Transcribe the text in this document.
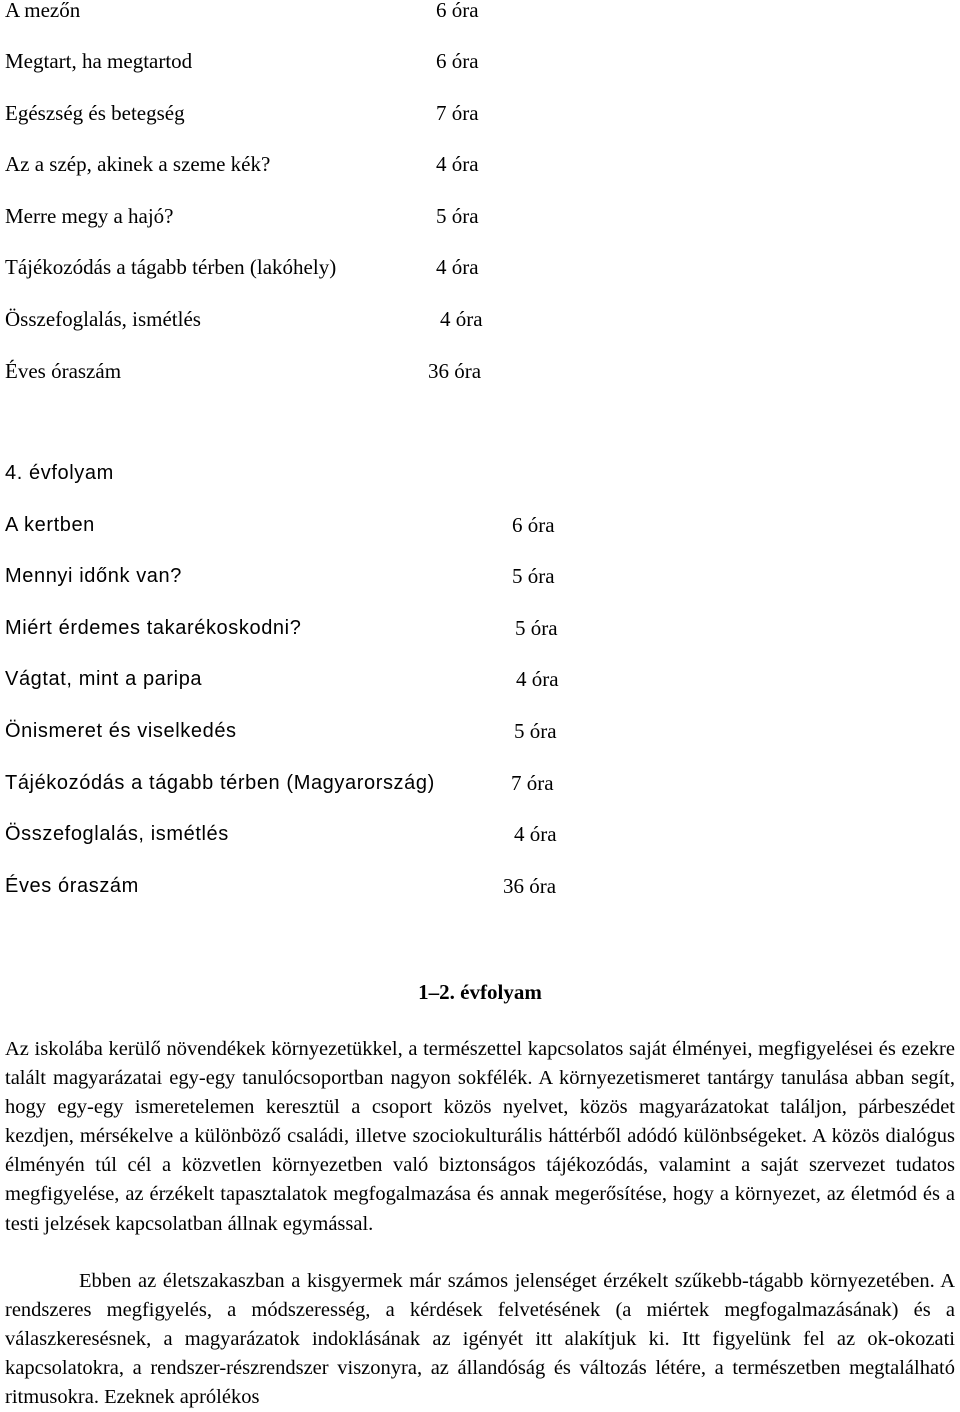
A mezőn	6 óra
Megtart, ha megtartod	6 óra
Egészség és betegség	7 óra
Az a szép, akinek a szeme kék?	4 óra
Merre megy a hajó?	5 óra
Tájékozódás a tágabb térben (lakóhely)	4 óra
Összefoglalás, ismétlés	4 óra
Éves óraszám	36 óra
4. évfolyam
A kertben	6 óra
Mennyi időnk van?	5 óra
Miért érdemes takarékoskodni?	5 óra
Vágtat, mint a paripa	4 óra
Önismeret és viselkedés	5 óra
Tájékozódás a tágabb térben (Magyarország)	7 óra
Összefoglalás, ismétlés	4 óra
Éves óraszám	36 óra
1–2. évfolyam

Az iskolába kerülő növendékek környezetükkel, a természettel kapcsolatos saját élményei, megfigyelései és ezekre talált magyarázatai egy-egy tanulócsoportban nagyon sokfélék. A környezetismeret tantárgy tanulása abban segít, hogy egy-egy ismeretelemen keresztül a csoport közös nyelvet, közös magyarázatokat találjon, párbeszédet kezdjen, mérsékelve a különböző családi, illetve szociokulturális háttérből adódó különbségeket. A közös dialógus élményén túl cél a közvetlen környezetben való biztonságos tájékozódás, valamint a saját szervezet tudatos megfigyelése, az érzékelt tapasztalatok megfogalmazása és annak megerősítése, hogy a környezet, az életmód és a testi jelzések kapcsolatban állnak egymással.

Ebben az életszakaszban a kisgyermek már számos jelenséget érzékelt szűkebb-tágabb környezetében. A rendszeres megfigyelés, a módszeresség, a kérdések felvetésének (a miértek megfogalmazásának) és a válaszkeresésnek, a magyarázatok indoklásának az igényét itt alakítjuk ki. Itt figyelünk fel az ok-okozati kapcsolatokra, a rendszer-részrendszer viszonyra, az állandóság és változás létére, a természetben megtalálható ritmusokra. Ezeknek aprólékos
